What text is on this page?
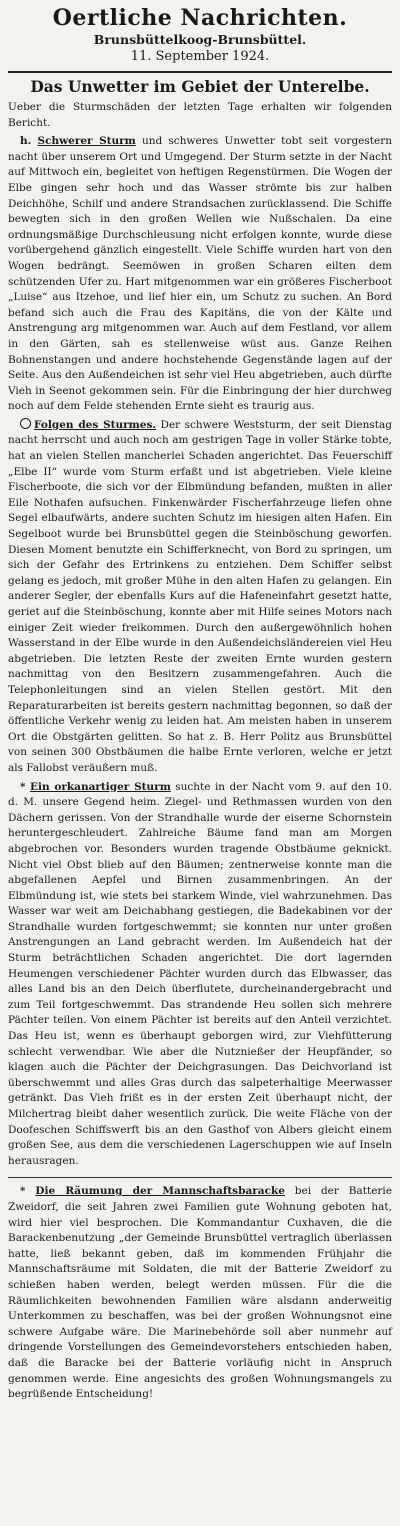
Oertliche Nachrichten.
Brunsbüttelkoog-Brunsbüttel.
11. September 1924.
Das Unwetter im Gebiet der Unterelbe.

Ueber die Sturmschäden der letzten Tage erhalten wir folgenden Bericht.

h. Schwerer Sturm und schweres Unwetter tobt seit vorgestern nacht über unserem Ort und Umgegend. Der Sturm setzte in der Nacht auf Mittwoch ein, begleitet von heftigen Regenstürmen. Die Wogen der Elbe gingen sehr hoch und das Wasser strömte bis zur halben Deichhöhe, Schilf und andere Strandsachen zurücklassend. Die Schiffe bewegten sich in den großen Wellen wie Nußschalen. Da eine ordnungsmäßige Durchschleusung nicht erfolgen konnte, wurde diese vorübergehend gänzlich eingestellt. Viele Schiffe wurden hart von den Wogen bedrängt. Seemöwen in großen Scharen eilten dem schützenden Ufer zu. Hart mitgenommen war ein größeres Fischerboot „Luise“ aus Itzehoe, und lief hier ein, um Schutz zu suchen. An Bord befand sich auch die Frau des Kapitäns, die von der Kälte und Anstrengung arg mitgenommen war. Auch auf dem Festland, vor allem in den Gärten, sah es stellenweise wüst aus. Ganze Reihen Bohnenstangen und andere hochstehende Gegenstände lagen auf der Seite. Aus den Außendeichen ist sehr viel Heu abgetrieben, auch dürfte Vieh in Seenot gekommen sein. Für die Einbringung der hier durchweg noch auf dem Felde stehenden Ernte sieht es traurig aus.

Folgen des Sturmes. Der schwere Weststurm, der seit Dienstag nacht herrscht und auch noch am gestrigen Tage in voller Stärke tobte, hat an vielen Stellen mancherlei Schaden angerichtet. Das Feuerschiff „Elbe II“ wurde vom Sturm erfaßt und ist abgetrieben. Viele kleine Fischerboote, die sich vor der Elbmündung befanden, mußten in aller Eile Nothafen aufsuchen. Finkenwärder Fischerfahrzeuge liefen ohne Segel elbaufwärts, andere suchten Schutz im hiesigen alten Hafen. Ein Segelboot wurde bei Brunsbüttel gegen die Steinböschung geworfen. Diesen Moment benutzte ein Schifferknecht, von Bord zu springen, um sich der Gefahr des Ertrinkens zu entziehen. Dem Schiffer selbst gelang es jedoch, mit großer Mühe in den alten Hafen zu gelangen. Ein anderer Segler, der ebenfalls Kurs auf die Hafeneinfahrt gesetzt hatte, geriet auf die Steinböschung, konnte aber mit Hilfe seines Motors nach einiger Zeit wieder freikommen. Durch den außergewöhnlich hohen Wasserstand in der Elbe wurde in den Außendeichsländereien viel Heu abgetrieben. Die letzten Reste der zweiten Ernte wurden gestern nachmittag von den Besitzern zusammengefahren. Auch die Telephonleitungen sind an vielen Stellen gestört. Mit den Reparaturarbeiten ist bereits gestern nachmittag begonnen, so daß der öffentliche Verkehr wenig zu leiden hat. Am meisten haben in unserem Ort die Obstgärten gelitten. So hat z. B. Herr Politz aus Brunsbüttel von seinen 300 Obstbäumen die halbe Ernte verloren, welche er jetzt als Fallobst veräußern muß.

* Ein orkanartiger Sturm suchte in der Nacht vom 9. auf den 10. d. M. unsere Gegend heim. Ziegel- und Rethmassen wurden von den Dächern gerissen. Von der Strandhalle wurde der eiserne Schornstein heruntergeschleudert. Zahlreiche Bäume fand man am Morgen abgebrochen vor. Besonders wurden tragende Obstbäume geknickt. Nicht viel Obst blieb auf den Bäumen; zentnerweise konnte man die abgefallenen Aepfel und Birnen zusammenbringen. An der Elbmündung ist, wie stets bei starkem Winde, viel wahrzunehmen. Das Wasser war weit am Deichabhang gestiegen, die Badekabinen vor der Strandhalle wurden fortgeschwemmt; sie konnten nur unter großen Anstrengungen an Land gebracht werden. Im Außendeich hat der Sturm beträchtlichen Schaden angerichtet. Die dort lagernden Heumengen verschiedener Pächter wurden durch das Elbwasser, das alles Land bis an den Deich überflutete, durcheinandergebracht und zum Teil fortgeschwemmt. Das strandende Heu sollen sich mehrere Pächter teilen. Von einem Pächter ist bereits auf den Anteil verzichtet. Das Heu ist, wenn es überhaupt geborgen wird, zur Viehfütterung schlecht verwendbar. Wie aber die Nutznießer der Heupfänder, so klagen auch die Pächter der Deichgrasungen. Das Deichvorland ist überschwemmt und alles Gras durch das salpeterhaltige Meerwasser getränkt. Das Vieh frißt es in der ersten Zeit überhaupt nicht, der Milchertrag bleibt daher wesentlich zurück. Die weite Fläche von der Doofeschen Schiffswerft bis an den Gasthof von Albers gleicht einem großen See, aus dem die verschiedenen Lagerschuppen wie auf Inseln herausragen.

* Die Räumung der Mannschaftsbaracke bei der Batterie Zweidorf, die seit Jahren zwei Familien gute Wohnung geboten hat, wird hier viel besprochen. Die Kommandantur Cuxhaven, die die Barackenbenutzung „der Gemeinde Brunsbüttel vertraglich überlassen hatte, ließ bekannt geben, daß im kommenden Frühjahr die Mannschaftsräume mit Soldaten, die mit der Batterie Zweidorf zu schießen haben werden, belegt werden müssen. Für die die Räumlichkeiten bewohnenden Familien wäre alsdann anderweitig Unterkommen zu beschaffen, was bei der großen Wohnungsnot eine schwere Aufgabe wäre. Die Marinebehörde soll aber nunmehr auf dringende Vorstellungen des Gemeindevorstehers entschieden haben, daß die Baracke bei der Batterie vorläufig nicht in Anspruch genommen werde. Eine angesichts des großen Wohnungsmangels zu begrüßende Entscheidung!
